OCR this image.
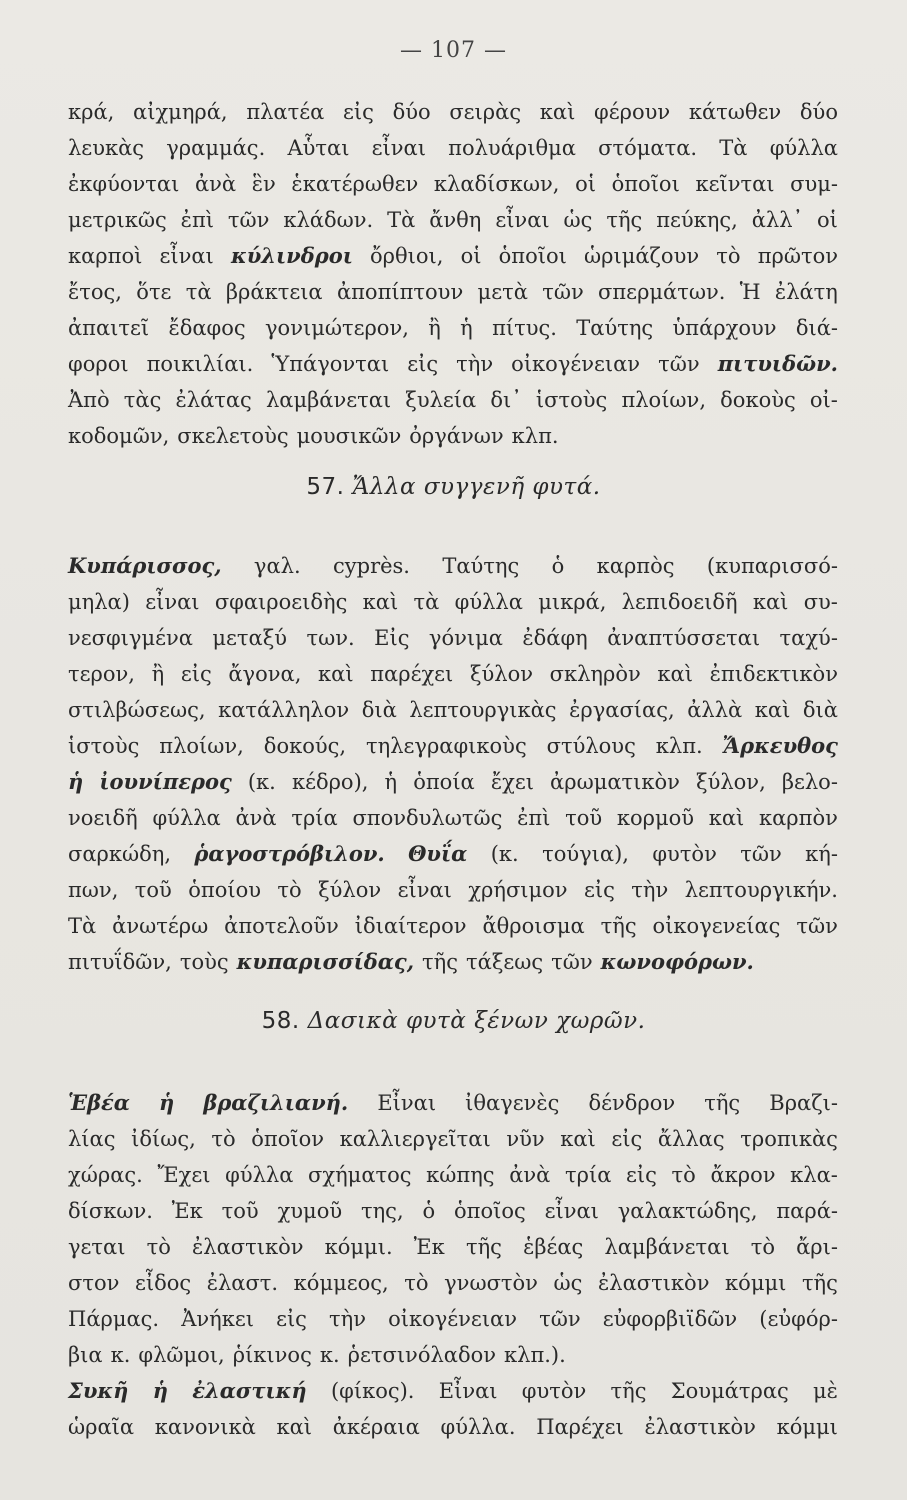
— 107 —
κρά, αἰχμηρά, πλατέα εἰς δύο σειρὰς καὶ φέρουν κάτωθεν δύο
λευκὰς γραμμάς. Αὗται εἶναι πολυάριθμα στόματα. Τὰ φύλλα
ἐκφύονται ἀνὰ ἓν ἑκατέρωθεν κλαδίσκων, οἱ ὁποῖοι κεῖνται συμ-
μετρικῶς ἐπὶ τῶν κλάδων. Τὰ ἄνθη εἶναι ὡς τῆς πεύκης, ἀλλ᾽ οἱ
καρποὶ εἶναι κύλινδροι ὄρθιοι, οἱ ὁποῖοι ὡριμάζουν τὸ πρῶτον
ἔτος, ὅτε τὰ βράκτεια ἀποπίπτουν μετὰ τῶν σπερμάτων. Ἡ ἐλάτη
ἀπαιτεῖ ἔδαφος γονιμώτερον, ἢ ἡ πίτυς. Ταύτης ὑπάρχουν διά-
φοροι ποικιλίαι. Ὑπάγονται εἰς τὴν οἰκογένειαν τῶν πιτυιδῶν.
Ἀπὸ τὰς ἐλάτας λαμβάνεται ξυλεία δι᾽ ἱστοὺς πλοίων, δοκοὺς οἰ-
κοδομῶν, σκελετοὺς μουσικῶν ὀργάνων κλπ.
57. Ἄλλα συγγενῆ φυτά.
Κυπάρισσος, γαλ. cyprès. Ταύτης ὁ καρπὸς (κυπαρισσό-
μηλα) εἶναι σφαιροειδὴς καὶ τὰ φύλλα μικρά, λεπιδοειδῆ καὶ συ-
νεσφιγμένα μεταξύ των. Εἰς γόνιμα ἐδάφη ἀναπτύσσεται ταχύ-
τερον, ἢ εἰς ἄγονα, καὶ παρέχει ξύλον σκληρὸν καὶ ἐπιδεκτικὸν
στιλβώσεως, κατάλληλον διὰ λεπτουργικὰς ἐργασίας, ἀλλὰ καὶ διὰ
ἱστοὺς πλοίων, δοκούς, τηλεγραφικοὺς στύλους κλπ. Ἄρκευθος
ἡ ἰουνίπερος (κ. κέδρο), ἡ ὁποία ἔχει ἀρωματικὸν ξύλον, βελο-
νοειδῆ φύλλα ἀνὰ τρία σπονδυλωτῶς ἐπὶ τοῦ κορμοῦ καὶ καρπὸν
σαρκώδη, ῥαγοστρόβιλον. Θυΐα (κ. τούγια), φυτὸν τῶν κή-
πων, τοῦ ὁποίου τὸ ξύλον εἶναι χρήσιμον εἰς τὴν λεπτουργικήν.
Τὰ ἀνωτέρω ἀποτελοῦν ἰδιαίτερον ἄθροισμα τῆς οἰκογενείας τῶν
πιτυΐδῶν, τοὺς κυπαρισσίδας, τῆς τάξεως τῶν κωνοφόρων.
58. Δασικὰ φυτὰ ξένων χωρῶν.
Ἑβέα ἡ βραζιλιανή. Εἶναι ἰθαγενὲς δένδρον τῆς Βραζι-
λίας ἰδίως, τὸ ὁποῖον καλλιεργεῖται νῦν καὶ εἰς ἄλλας τροπικὰς
χώρας. Ἔχει φύλλα σχήματος κώπης ἀνὰ τρία εἰς τὸ ἄκρον κλα-
δίσκων. Ἐκ τοῦ χυμοῦ της, ὁ ὁποῖος εἶναι γαλακτώδης, παρά-
γεται τὸ ἐλαστικὸν κόμμι. Ἐκ τῆς ἑβέας λαμβάνεται τὸ ἄρι-
στον εἶδος ἐλαστ. κόμμεος, τὸ γνωστὸν ὡς ἐλαστικὸν κόμμι τῆς
Πάρμας. Ἀνήκει εἰς τὴν οἰκογένειαν τῶν εὐφορβιϊδῶν (εὐφόρ-
βια κ. φλῶμοι, ῥίκινος κ. ῥετσινόλαδον κλπ.).
Συκῆ ἡ ἐλαστική (φίκος). Εἶναι φυτὸν τῆς Σουμάτρας μὲ
ὡραῖα κανονικὰ καὶ ἀκέραια φύλλα. Παρέχει ἐλαστικὸν κόμμι
